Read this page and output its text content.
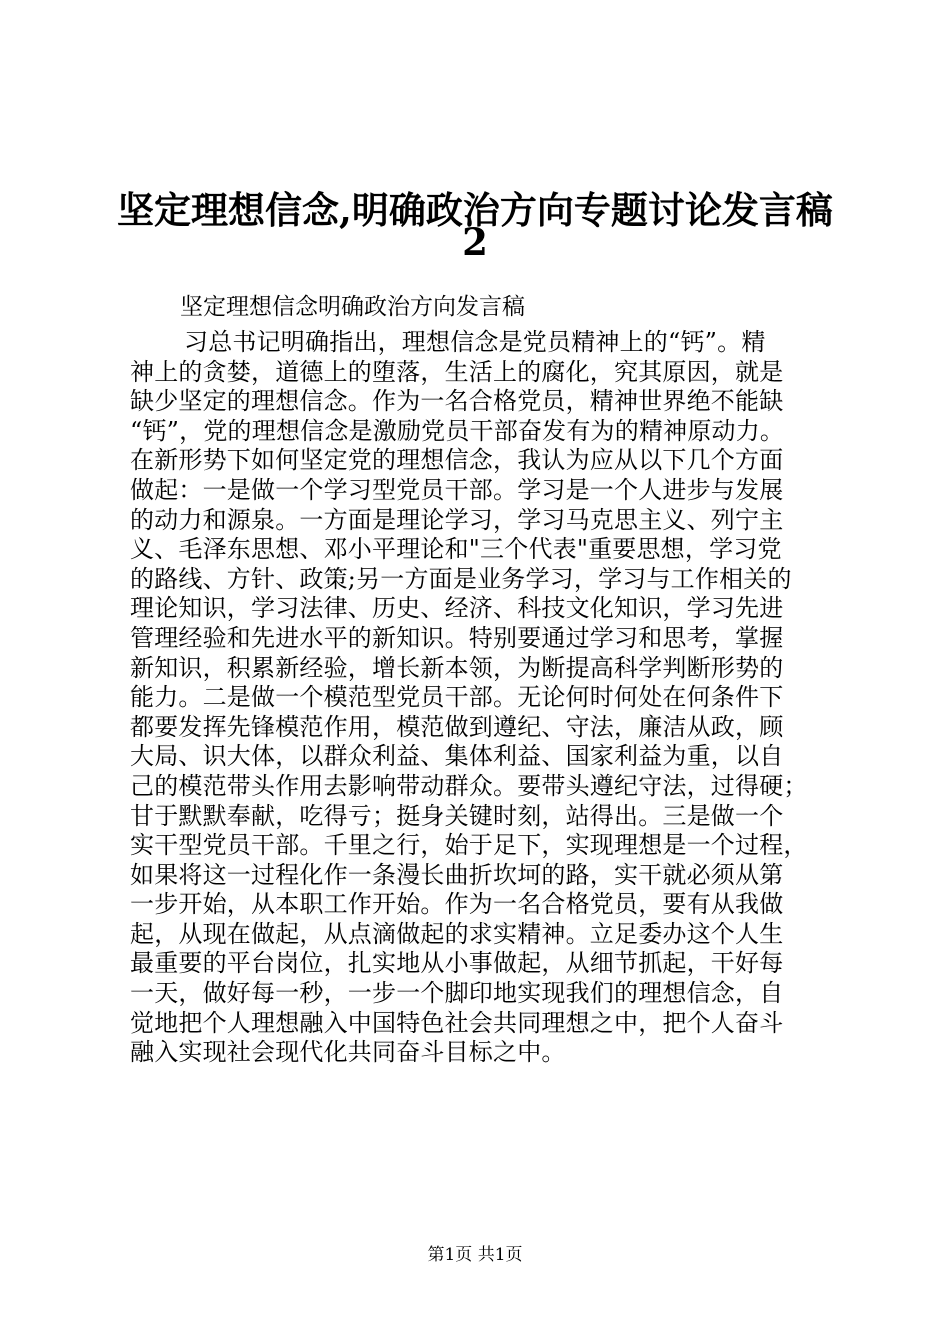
坚定理想信念,明确政治方向专题讨论发言稿
2

坚定理想信念明确政治方向发言稿

习总书记明确指出，理想信念是党员精神上的“钙”。精
神上的贪婪，道德上的堕落，生活上的腐化，究其原因，就是
缺少坚定的理想信念。作为一名合格党员，精神世界绝不能缺
“钙”，党的理想信念是激励党员干部奋发有为的精神原动力。
在新形势下如何坚定党的理想信念，我认为应从以下几个方面
做起：一是做一个学习型党员干部。学习是一个人进步与发展
的动力和源泉。一方面是理论学习，学习马克思主义、列宁主
义、毛泽东思想、邓小平理论和"三个代表"重要思想，学习党
的路线、方针、政策;另一方面是业务学习，学习与工作相关的
理论知识，学习法律、历史、经济、科技文化知识，学习先进
管理经验和先进水平的新知识。特别要通过学习和思考，掌握
新知识，积累新经验，增长新本领，为断提高科学判断形势的
能力。二是做一个模范型党员干部。无论何时何处在何条件下
都要发挥先锋模范作用，模范做到遵纪、守法，廉洁从政，顾
大局、识大体，以群众利益、集体利益、国家利益为重，以自
己的模范带头作用去影响带动群众。要带头遵纪守法，过得硬；
甘于默默奉献，吃得亏；挺身关键时刻，站得出。三是做一个
实干型党员干部。千里之行，始于足下，实现理想是一个过程，
如果将这一过程化作一条漫长曲折坎坷的路，实干就必须从第
一步开始，从本职工作开始。作为一名合格党员，要有从我做
起，从现在做起，从点滴做起的求实精神。立足委办这个人生
最重要的平台岗位，扎实地从小事做起，从细节抓起，干好每
一天，做好每一秒，一步一个脚印地实现我们的理想信念，自
觉地把个人理想融入中国特色社会共同理想之中，把个人奋斗
融入实现社会现代化共同奋斗目标之中。

第1页 共1页
